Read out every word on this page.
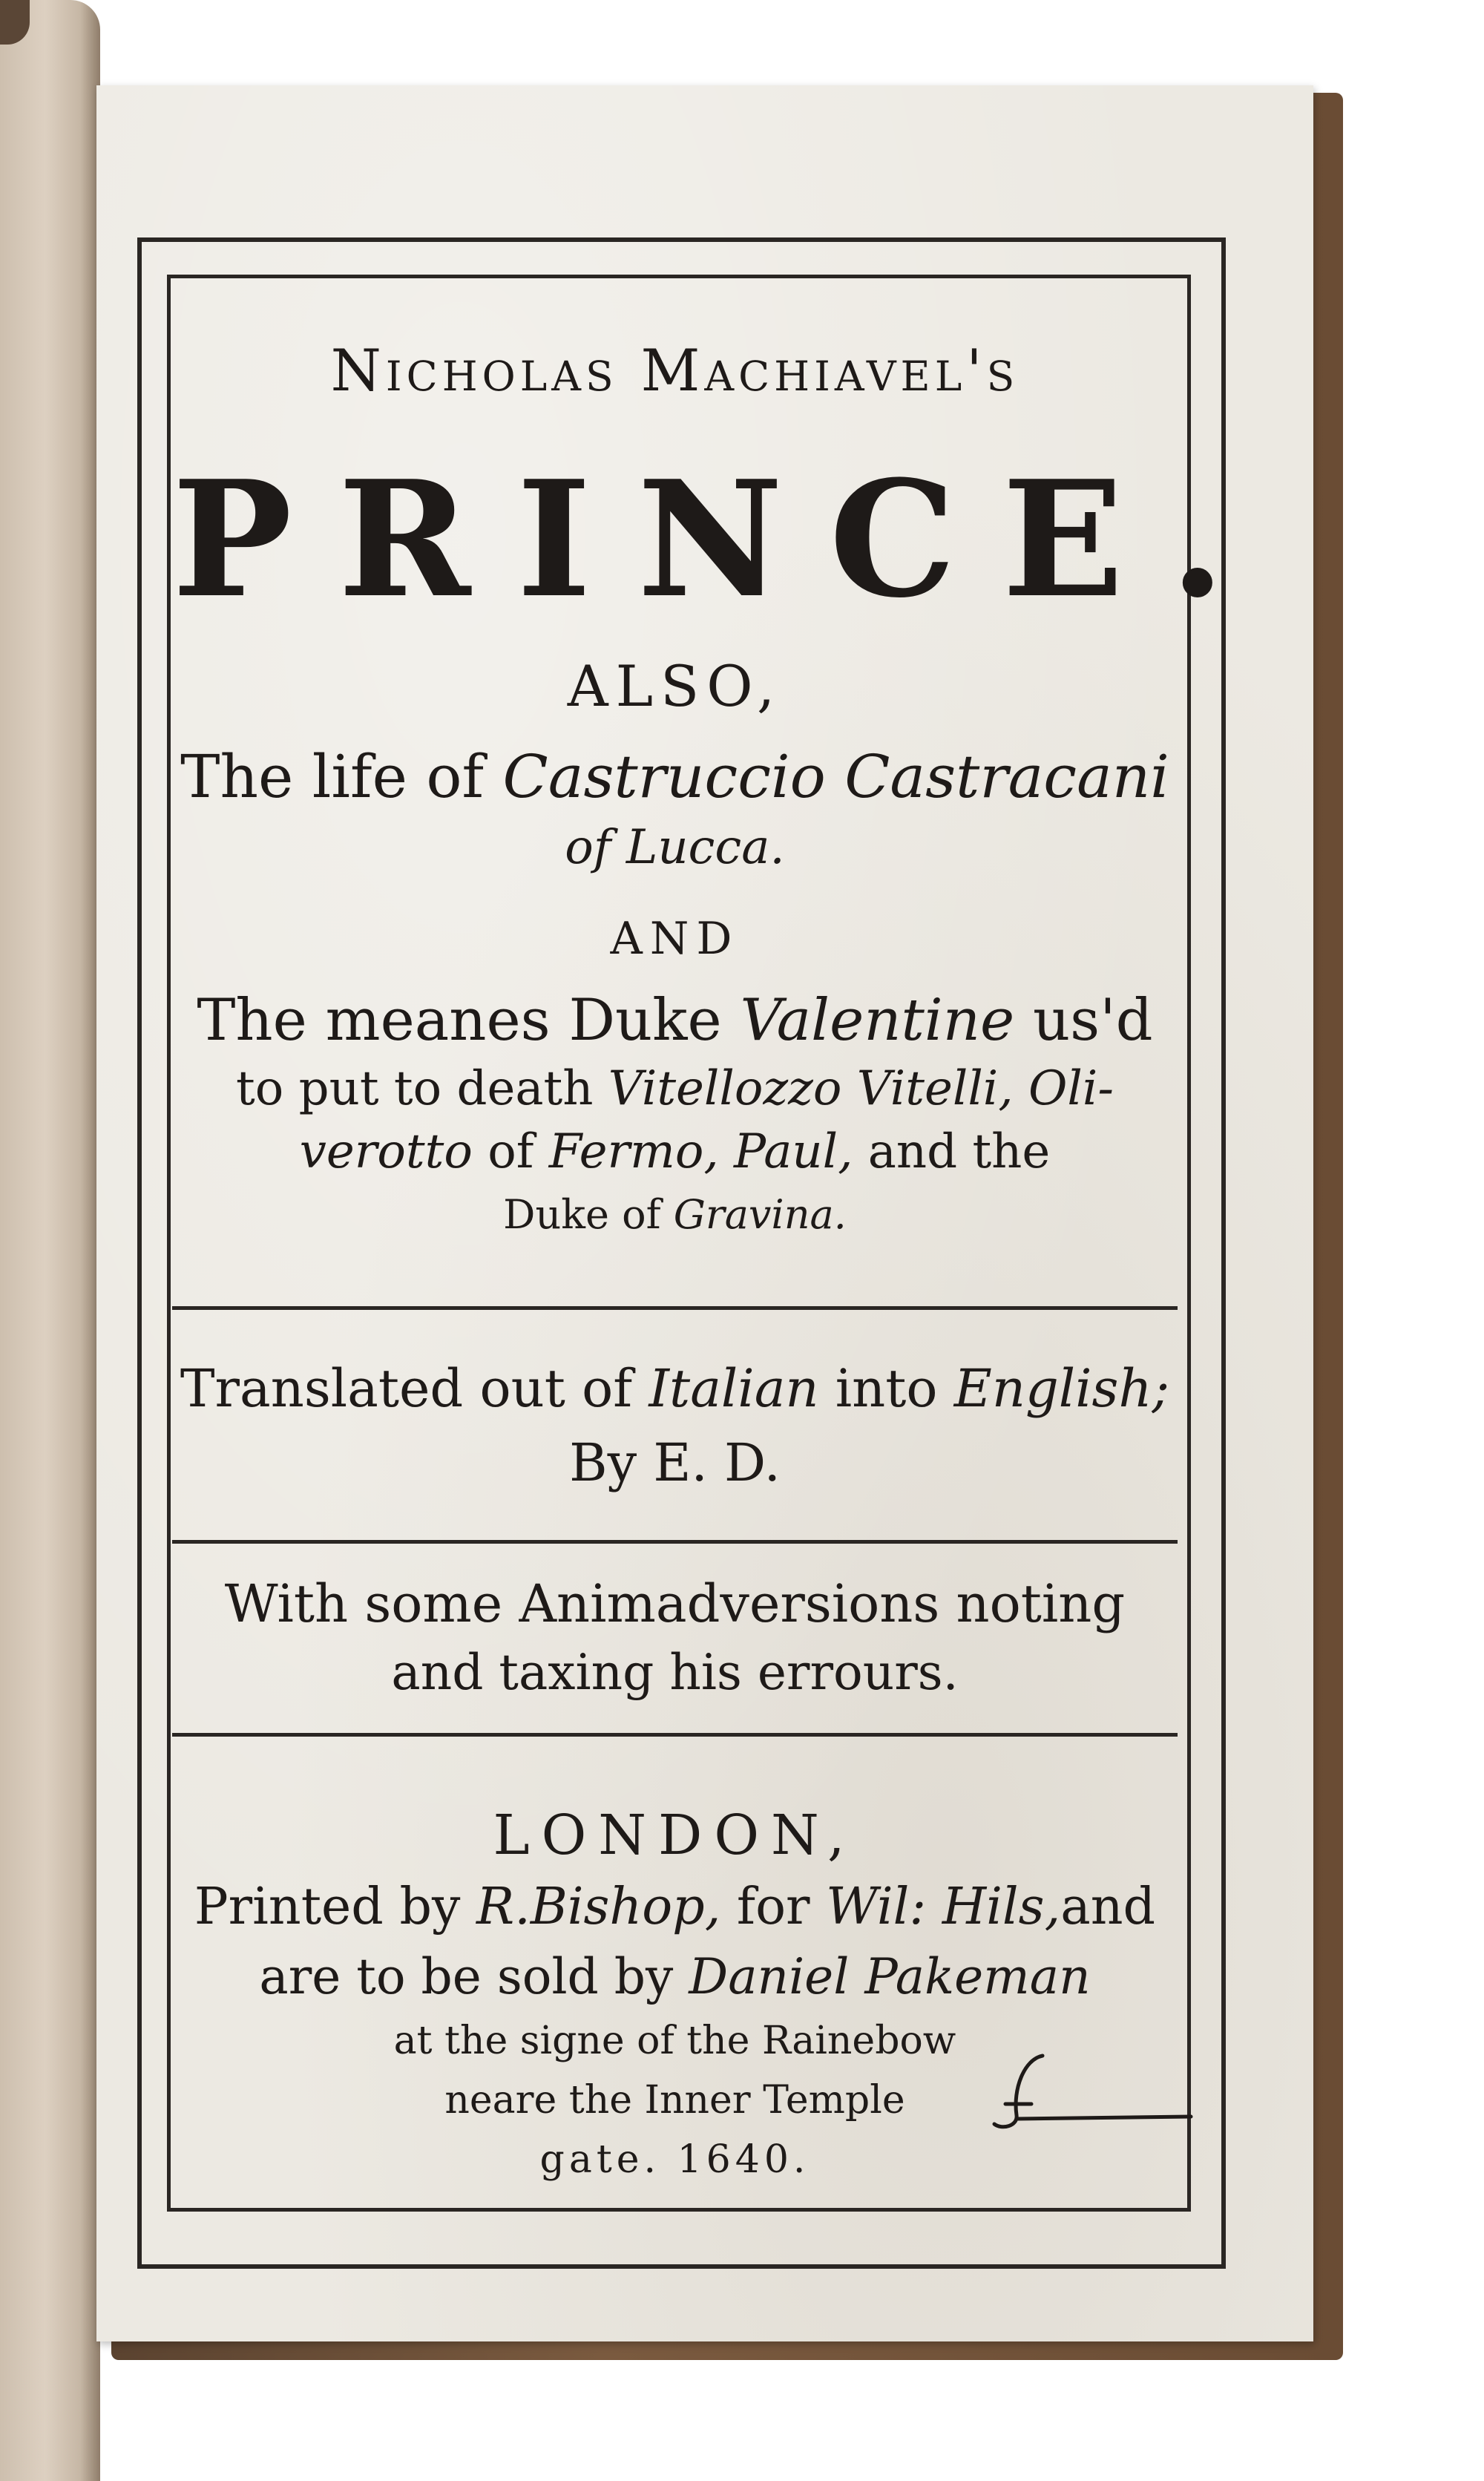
Nicholas Machiavel's
PRINCE.
ALSO,
The life of Castruccio Castracani
of Lucca.
AND
The meanes Duke Valentine us'd
to put to death Vitellozzo Vitelli, Oli-
verotto of Fermo, Paul, and the
Duke of Gravina.
Translated out of Italian into English;
By E. D.
With some Animadversions noting
and taxing his errours.
LONDON,
Printed by R.Bishop, for Wil: Hils,and
are to be sold by Daniel Pakeman
at the signe of the Rainebow
neare the Inner Temple
gate. 1640.
